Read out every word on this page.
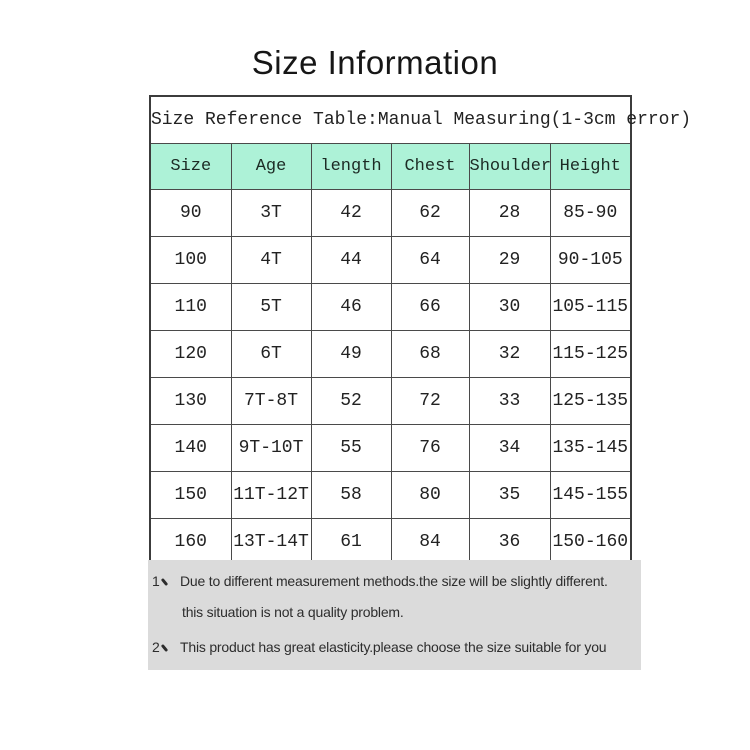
Size Information
Size Reference Table:Manual Measuring(1-3cm error)					
Size	Age	length	Chest	Shoulder	Height
90	3T	42	62	28	85-90
100	4T	44	64	29	90-105
110	5T	46	66	30	105-115
120	6T	49	68	32	115-125
130	7T-8T	52	72	33	125-135
140	9T-10T	55	76	34	135-145
150	11T-12T	58	80	35	145-155
160	13T-14T	61	84	36	150-160
1 Due to different measurement methods.the size will be slightly different.
this situation is not a quality problem.
2 This product has great elasticity.please choose the size suitable for you
